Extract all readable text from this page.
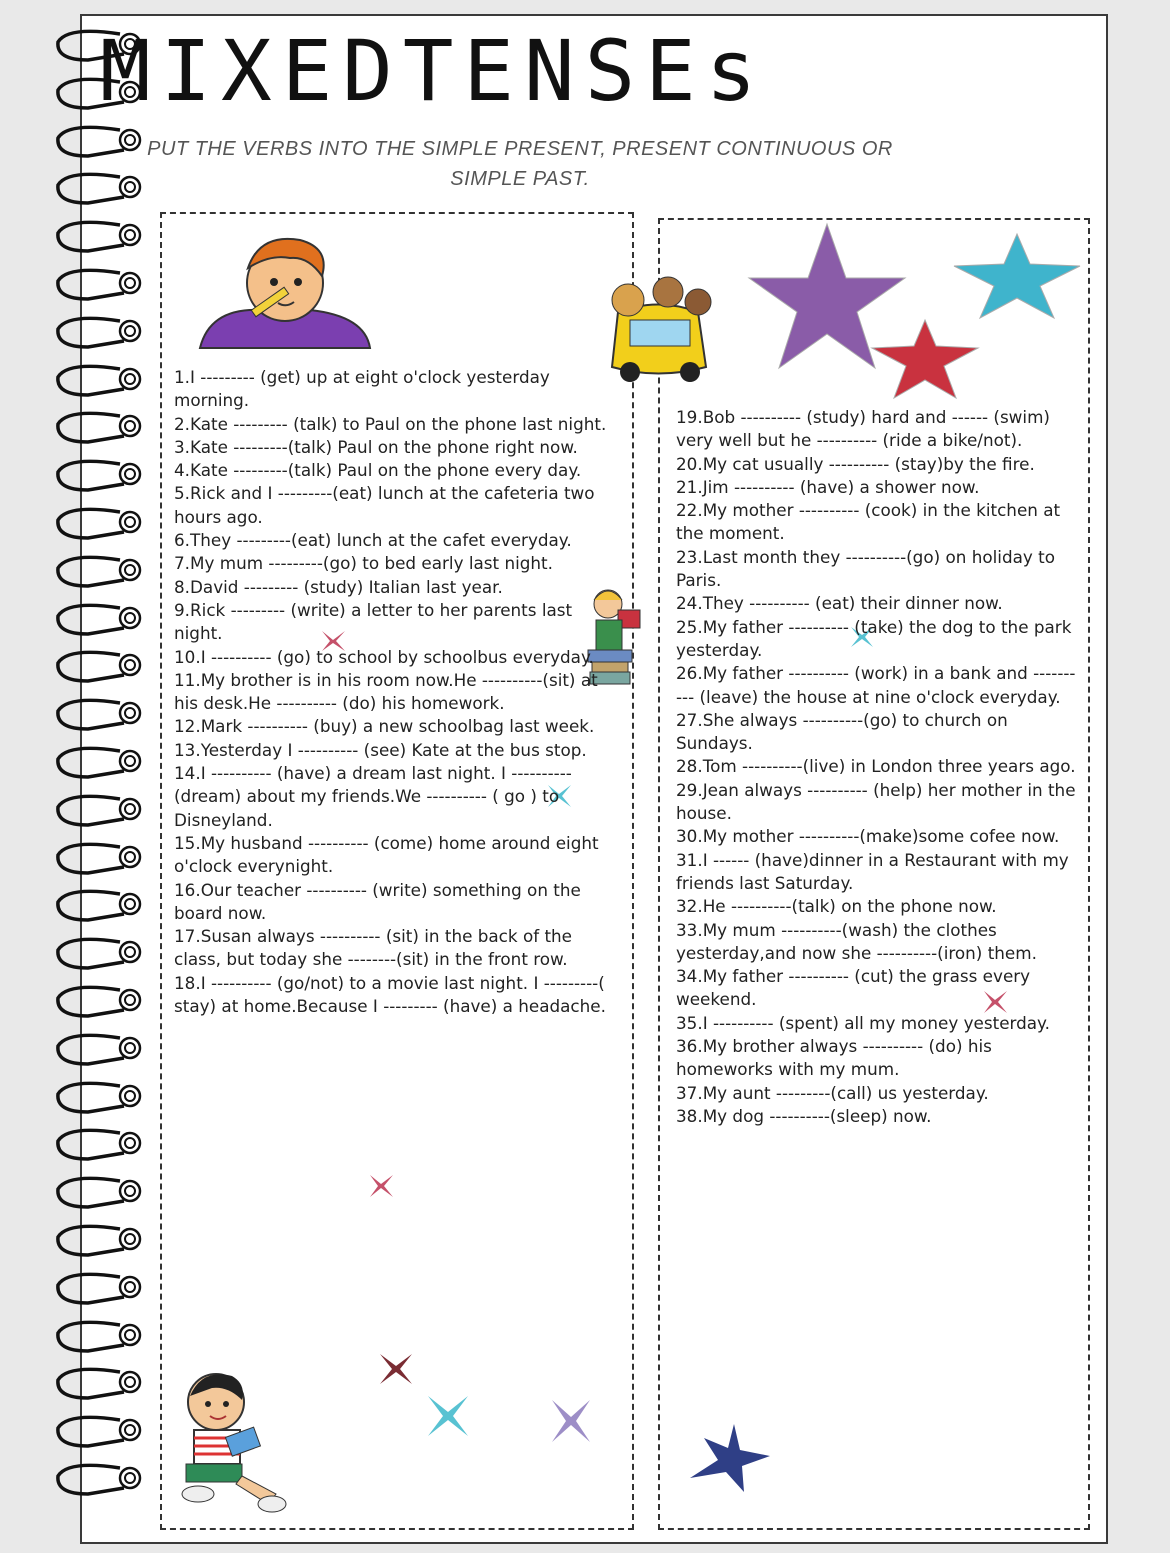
MIXEDTENSEs
PUT THE VERBS INTO THE SIMPLE PRESENT, PRESENT CONTINUOUS OR
SIMPLE PAST.

1.I --------- (get) up at eight o'clock yesterday morning.

2.Kate --------- (talk) to Paul on the phone last night.

3.Kate ---------(talk) Paul on the phone right now.

4.Kate ---------(talk) Paul on the phone every day.

5.Rick and I ---------(eat) lunch at the cafeteria two hours ago.

6.They ---------(eat) lunch at the cafet everyday.

7.My mum ---------(go) to bed early last night.

8.David --------- (study) Italian last year.

9.Rick --------- (write) a letter to her parents last night.

10.I ---------- (go) to school by schoolbus everyday.

11.My brother is in his room now.He ----------(sit) at his desk.He ---------- (do) his homework.

12.Mark ---------- (buy) a new schoolbag last week.

13.Yesterday I ---------- (see) Kate at the bus stop.

14.I ---------- (have) a dream last night. I ---------- (dream) about my friends.We ---------- ( go ) to Disneyland.

15.My husband ---------- (come) home around eight o'clock everynight.

16.Our teacher ---------- (write) something on the board now.

17.Susan always ---------- (sit) in the back of the class, but today she --------(sit) in the front row.

18.I ---------- (go/not) to a movie last night. I ---------( stay) at home.Because I --------- (have) a headache.

19.Bob ---------- (study) hard and ------ (swim) very well but he ---------- (ride a bike/not).

20.My cat usually ---------- (stay)by the fire.

21.Jim ---------- (have) a shower now.

22.My mother ---------- (cook) in the kitchen at the moment.

23.Last month they ----------(go) on holiday to Paris.

24.They ---------- (eat) their dinner now.

25.My father ---------- (take) the dog to the park yesterday.

26.My father ---------- (work) in a bank and ---------- (leave) the house at nine o'clock everyday.

27.She always ----------(go) to church on Sundays.

28.Tom ----------(live) in London three years ago.

29.Jean always ---------- (help) her mother in the house.

30.My mother ----------(make)some cofee now.

31.I ------ (have)dinner in a Restaurant with my friends last Saturday.

32.He ----------(talk) on the phone now.

33.My mum ----------(wash) the clothes yesterday,and now she ----------(iron) them.

34.My father ---------- (cut) the grass every weekend.

35.I ---------- (spent) all my money yesterday.

36.My brother always ---------- (do) his homeworks with my mum.

37.My aunt ---------(call) us yesterday.

38.My dog ----------(sleep) now.
